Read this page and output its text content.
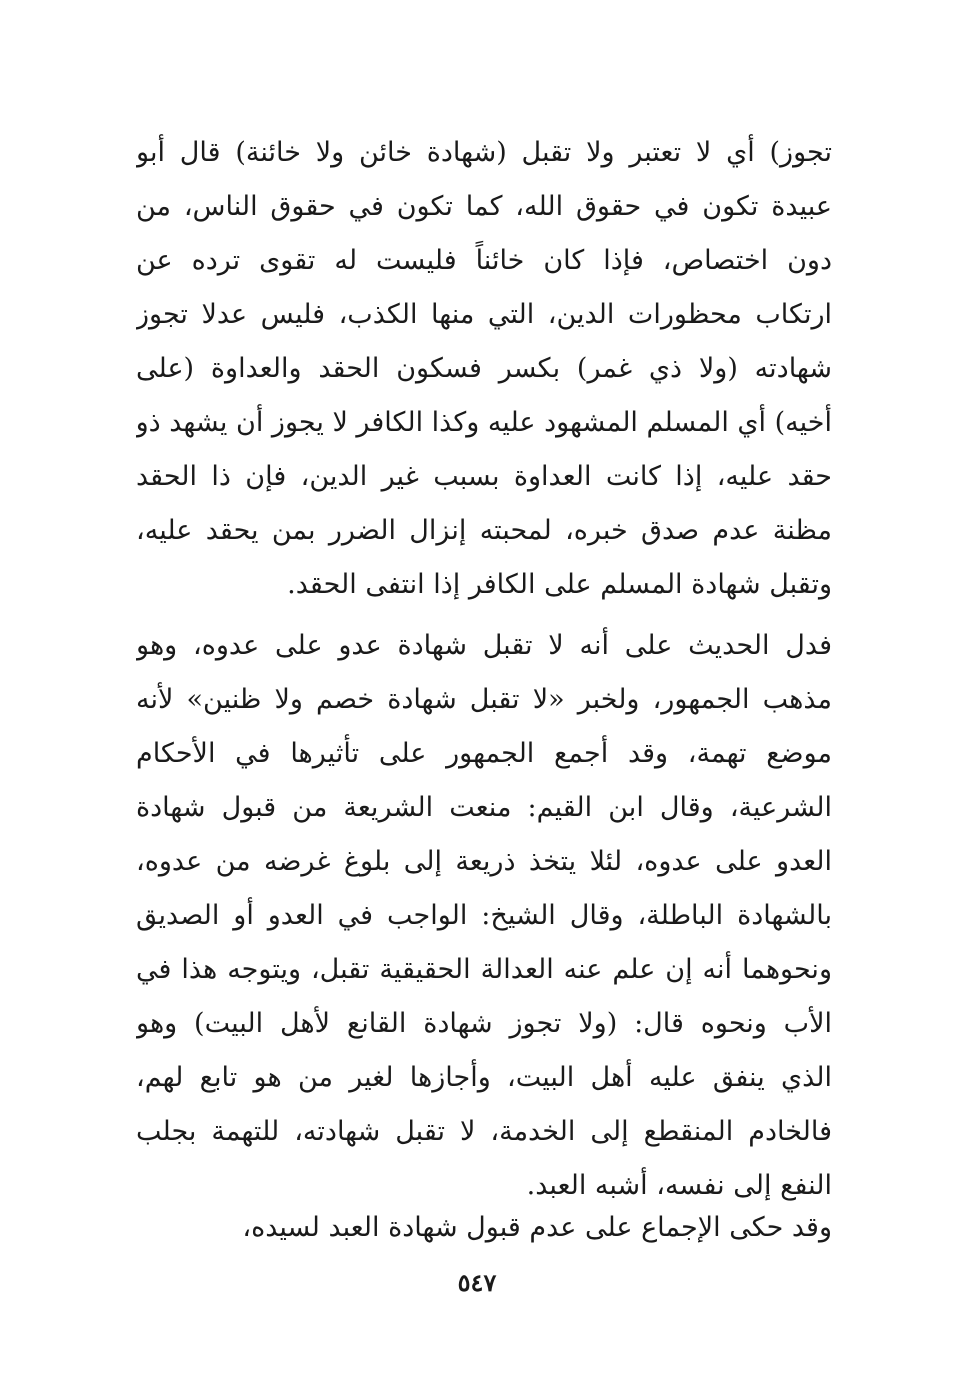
تجوز) أي لا تعتبر ولا تقبل (شهادة خائن ولا خائنة) قال أبو
عبيدة تكون في حقوق الله، كما تكون في حقوق الناس، من
دون اختصاص، فإذا كان خائناً فليست له تقوى ترده عن
ارتكاب محظورات الدين، التي منها الكذب، فليس عدلا تجوز
شهادته (ولا ذي غمر) بكسر فسكون الحقد والعداوة (على
أخيه) أي المسلم المشهود عليه وكذا الكافر لا يجوز أن يشهد ذو
حقد عليه، إذا كانت العداوة بسبب غير الدين، فإن ذا الحقد
مظنة عدم صدق خبره، لمحبته إنزال الضرر بمن يحقد عليه،
وتقبل شهادة المسلم على الكافر إذا انتفى الحقد.
فدل الحديث على أنه لا تقبل شهادة عدو على عدوه، وهو
مذهب الجمهور، ولخبر «لا تقبل شهادة خصم ولا ظنين» لأنه
موضع تهمة، وقد أجمع الجمهور على تأثيرها في الأحكام
الشرعية، وقال ابن القيم: منعت الشريعة من قبول شهادة
العدو على عدوه، لئلا يتخذ ذريعة إلى بلوغ غرضه من عدوه،
بالشهادة الباطلة، وقال الشيخ: الواجب في العدو أو الصديق
ونحوهما أنه إن علم عنه العدالة الحقيقية تقبل، ويتوجه هذا في
الأب ونحوه قال: (ولا تجوز شهادة القانع لأهل البيت) وهو
الذي ينفق عليه أهل البيت، وأجازها لغير من هو تابع لهم،
فالخادم المنقطع إلى الخدمة، لا تقبل شهادته، للتهمة بجلب
النفع إلى نفسه، أشبه العبد.
وقد حكى الإجماع على عدم قبول شهادة العبد لسيده،
٥٤٧
